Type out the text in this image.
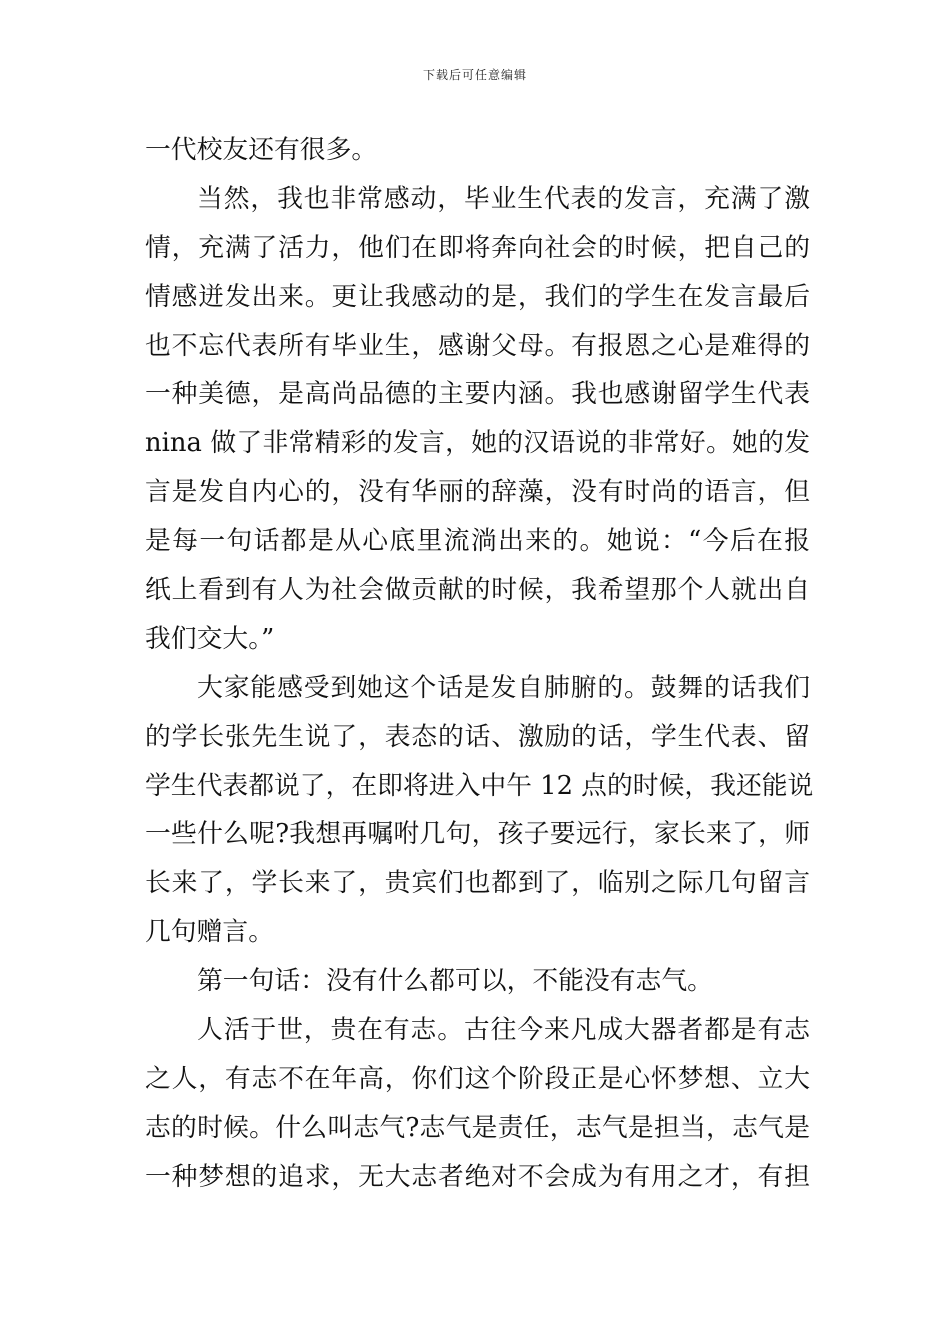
下载后可任意编辑
一代校友还有很多。
当然，我也非常感动，毕业生代表的发言，充满了激
情，充满了活力，他们在即将奔向社会的时候，把自己的
情感迸发出来。更让我感动的是，我们的学生在发言最后
也不忘代表所有毕业生，感谢父母。有报恩之心是难得的
一种美德，是高尚品德的主要内涵。我也感谢留学生代表
nina 做了非常精彩的发言，她的汉语说的非常好。她的发
言是发自内心的，没有华丽的辞藻，没有时尚的语言，但
是每一句话都是从心底里流淌出来的。她说：“今后在报
纸上看到有人为社会做贡献的时候，我希望那个人就出自
我们交大。”
大家能感受到她这个话是发自肺腑的。鼓舞的话我们
的学长张先生说了，表态的话、激励的话，学生代表、留
学生代表都说了，在即将进入中午 12 点的时候，我还能说
一些什么呢?我想再嘱咐几句，孩子要远行，家长来了，师
长来了，学长来了，贵宾们也都到了，临别之际几句留言
几句赠言。
第一句话：没有什么都可以，不能没有志气。
人活于世，贵在有志。古往今来凡成大器者都是有志
之人，有志不在年高，你们这个阶段正是心怀梦想、立大
志的时候。什么叫志气?志气是责任，志气是担当，志气是
一种梦想的追求，无大志者绝对不会成为有用之才，有担
